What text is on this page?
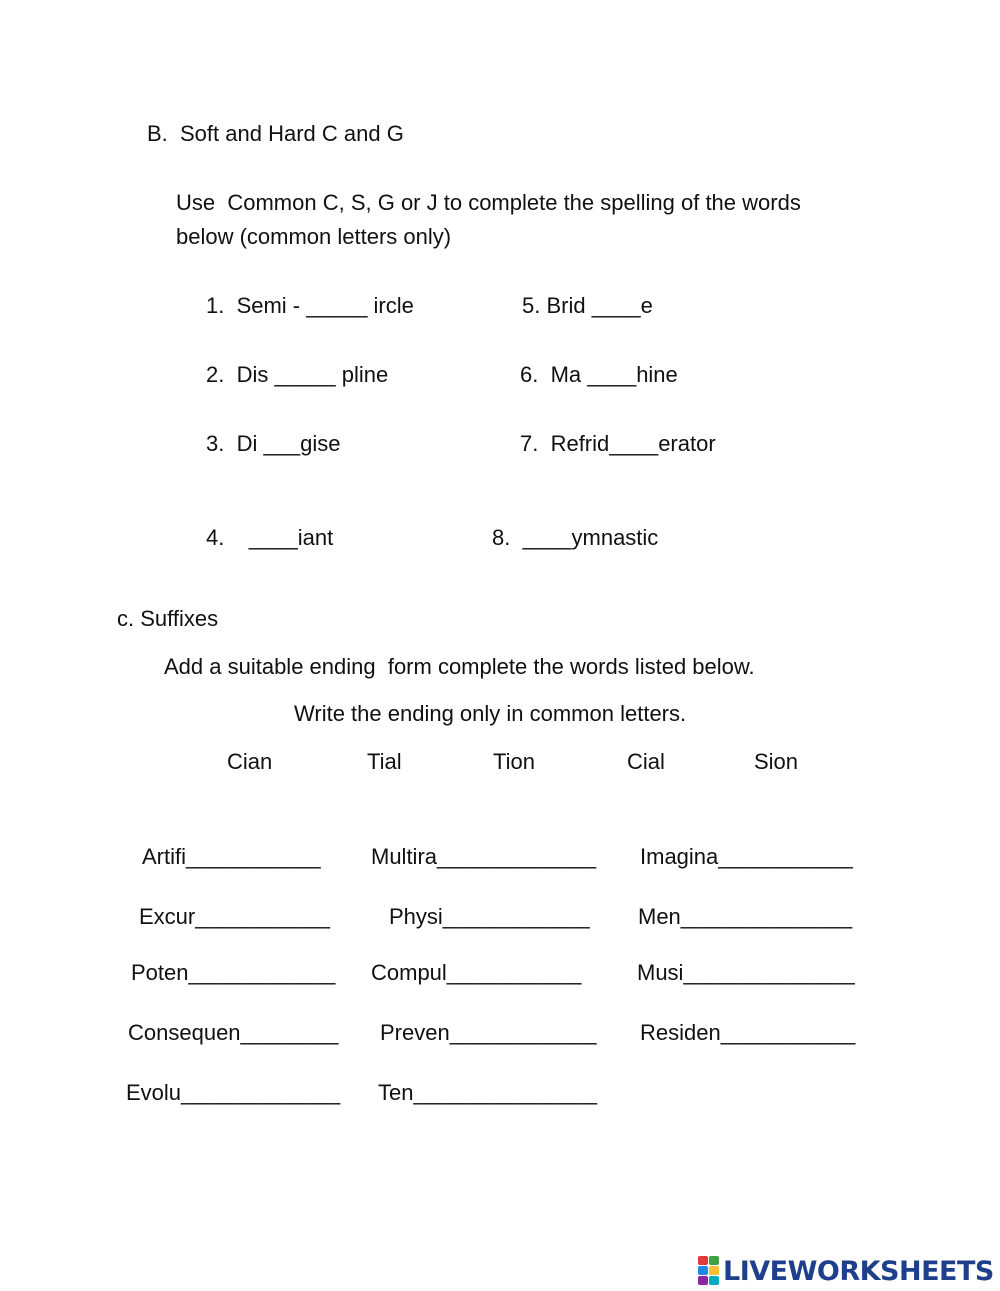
B.  Soft and Hard C and G
Use  Common C, S, G or J to complete the spelling of the words
below (common letters only)
1.  Semi - _____ ircle	5. Brid ____e
2.  Dis _____ pline	6.  Ma ____hine
3.  Di ___gise	7.  Refrid____erator
4.    ____iant	8.  ____ymnastic
c. Suffixes
Add a suitable ending  form complete the words listed below.
Write the ending only in common letters.
Cian	Tial	Tion	Cial	Sion
Artifi___________ Multira_____________ Imagina___________
Excur___________	Physi____________ Men______________
Poten____________ Compul___________	Musi______________
Consequen________ Preven____________ Residen___________
Evolu_____________ Ten_______________
LIVEWORKSHEETS
